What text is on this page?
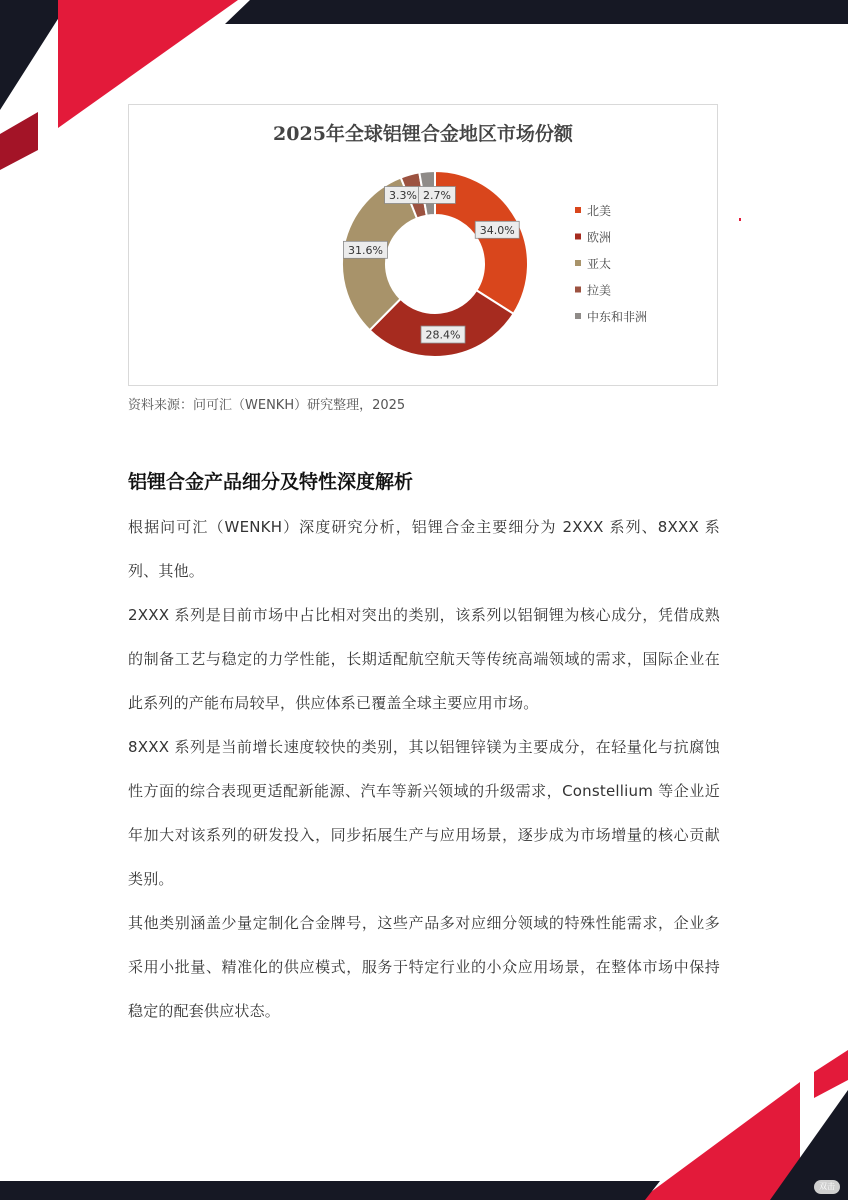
2025年全球铝锂合金地区市场份额
34.0%
28.4%
31.6%
3.3% 2.7%
北美
欧洲
亚太
拉美
中东和非洲
资料来源：问可汇（WENKH）研究整理，2025
铝锂合金产品细分及特性深度解析

根据问可汇（WENKH）深度研究分析，铝锂合金主要细分为 2XXX 系列、8XXX 系列、其他。

2XXX 系列是目前市场中占比相对突出的类别，该系列以铝铜锂为核心成分，凭借成熟的制备工艺与稳定的力学性能，长期适配航空航天等传统高端领域的需求，国际企业在此系列的产能布局较早，供应体系已覆盖全球主要应用市场。

8XXX 系列是当前增长速度较快的类别，其以铝锂锌镁为主要成分，在轻量化与抗腐蚀性方面的综合表现更适配新能源、汽车等新兴领域的升级需求，Constellium 等企业近年加大对该系列的研发投入，同步拓展生产与应用场景，逐步成为市场增量的核心贡献类别。

其他类别涵盖少量定制化合金牌号，这些产品多对应细分领域的特殊性能需求，企业多采用小批量、精准化的供应模式，服务于特定行业的小众应用场景，在整体市场中保持稳定的配套供应状态。

双击
